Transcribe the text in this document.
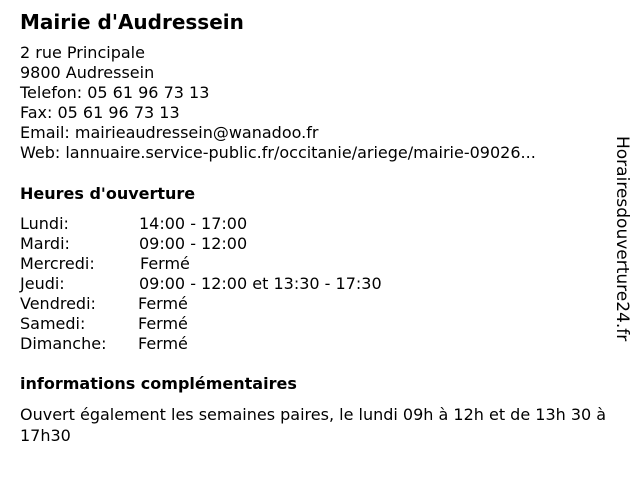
Mairie d'Audressein
2 rue Principale
9800 Audressein
Telefon: 05 61 96 73 13
Fax: 05 61 96 73 13
Email: mairieaudressein@wanadoo.fr
Web: lannuaire.service-public.fr/occitanie/ariege/mairie-09026...
Heures d'ouverture
Lundi:	14:00 - 17:00
Mardi:	09:00 - 12:00
Mercredi:	Fermé
Jeudi:	09:00 - 12:00 et 13:30 - 17:30
Vendredi:	Fermé
Samedi:	Fermé
Dimanche: Fermé
informations complémentaires
Ouvert également les semaines paires, le lundi 09h à 12h et de 13h 30 à 17h30
Horairesdouverture24.fr
